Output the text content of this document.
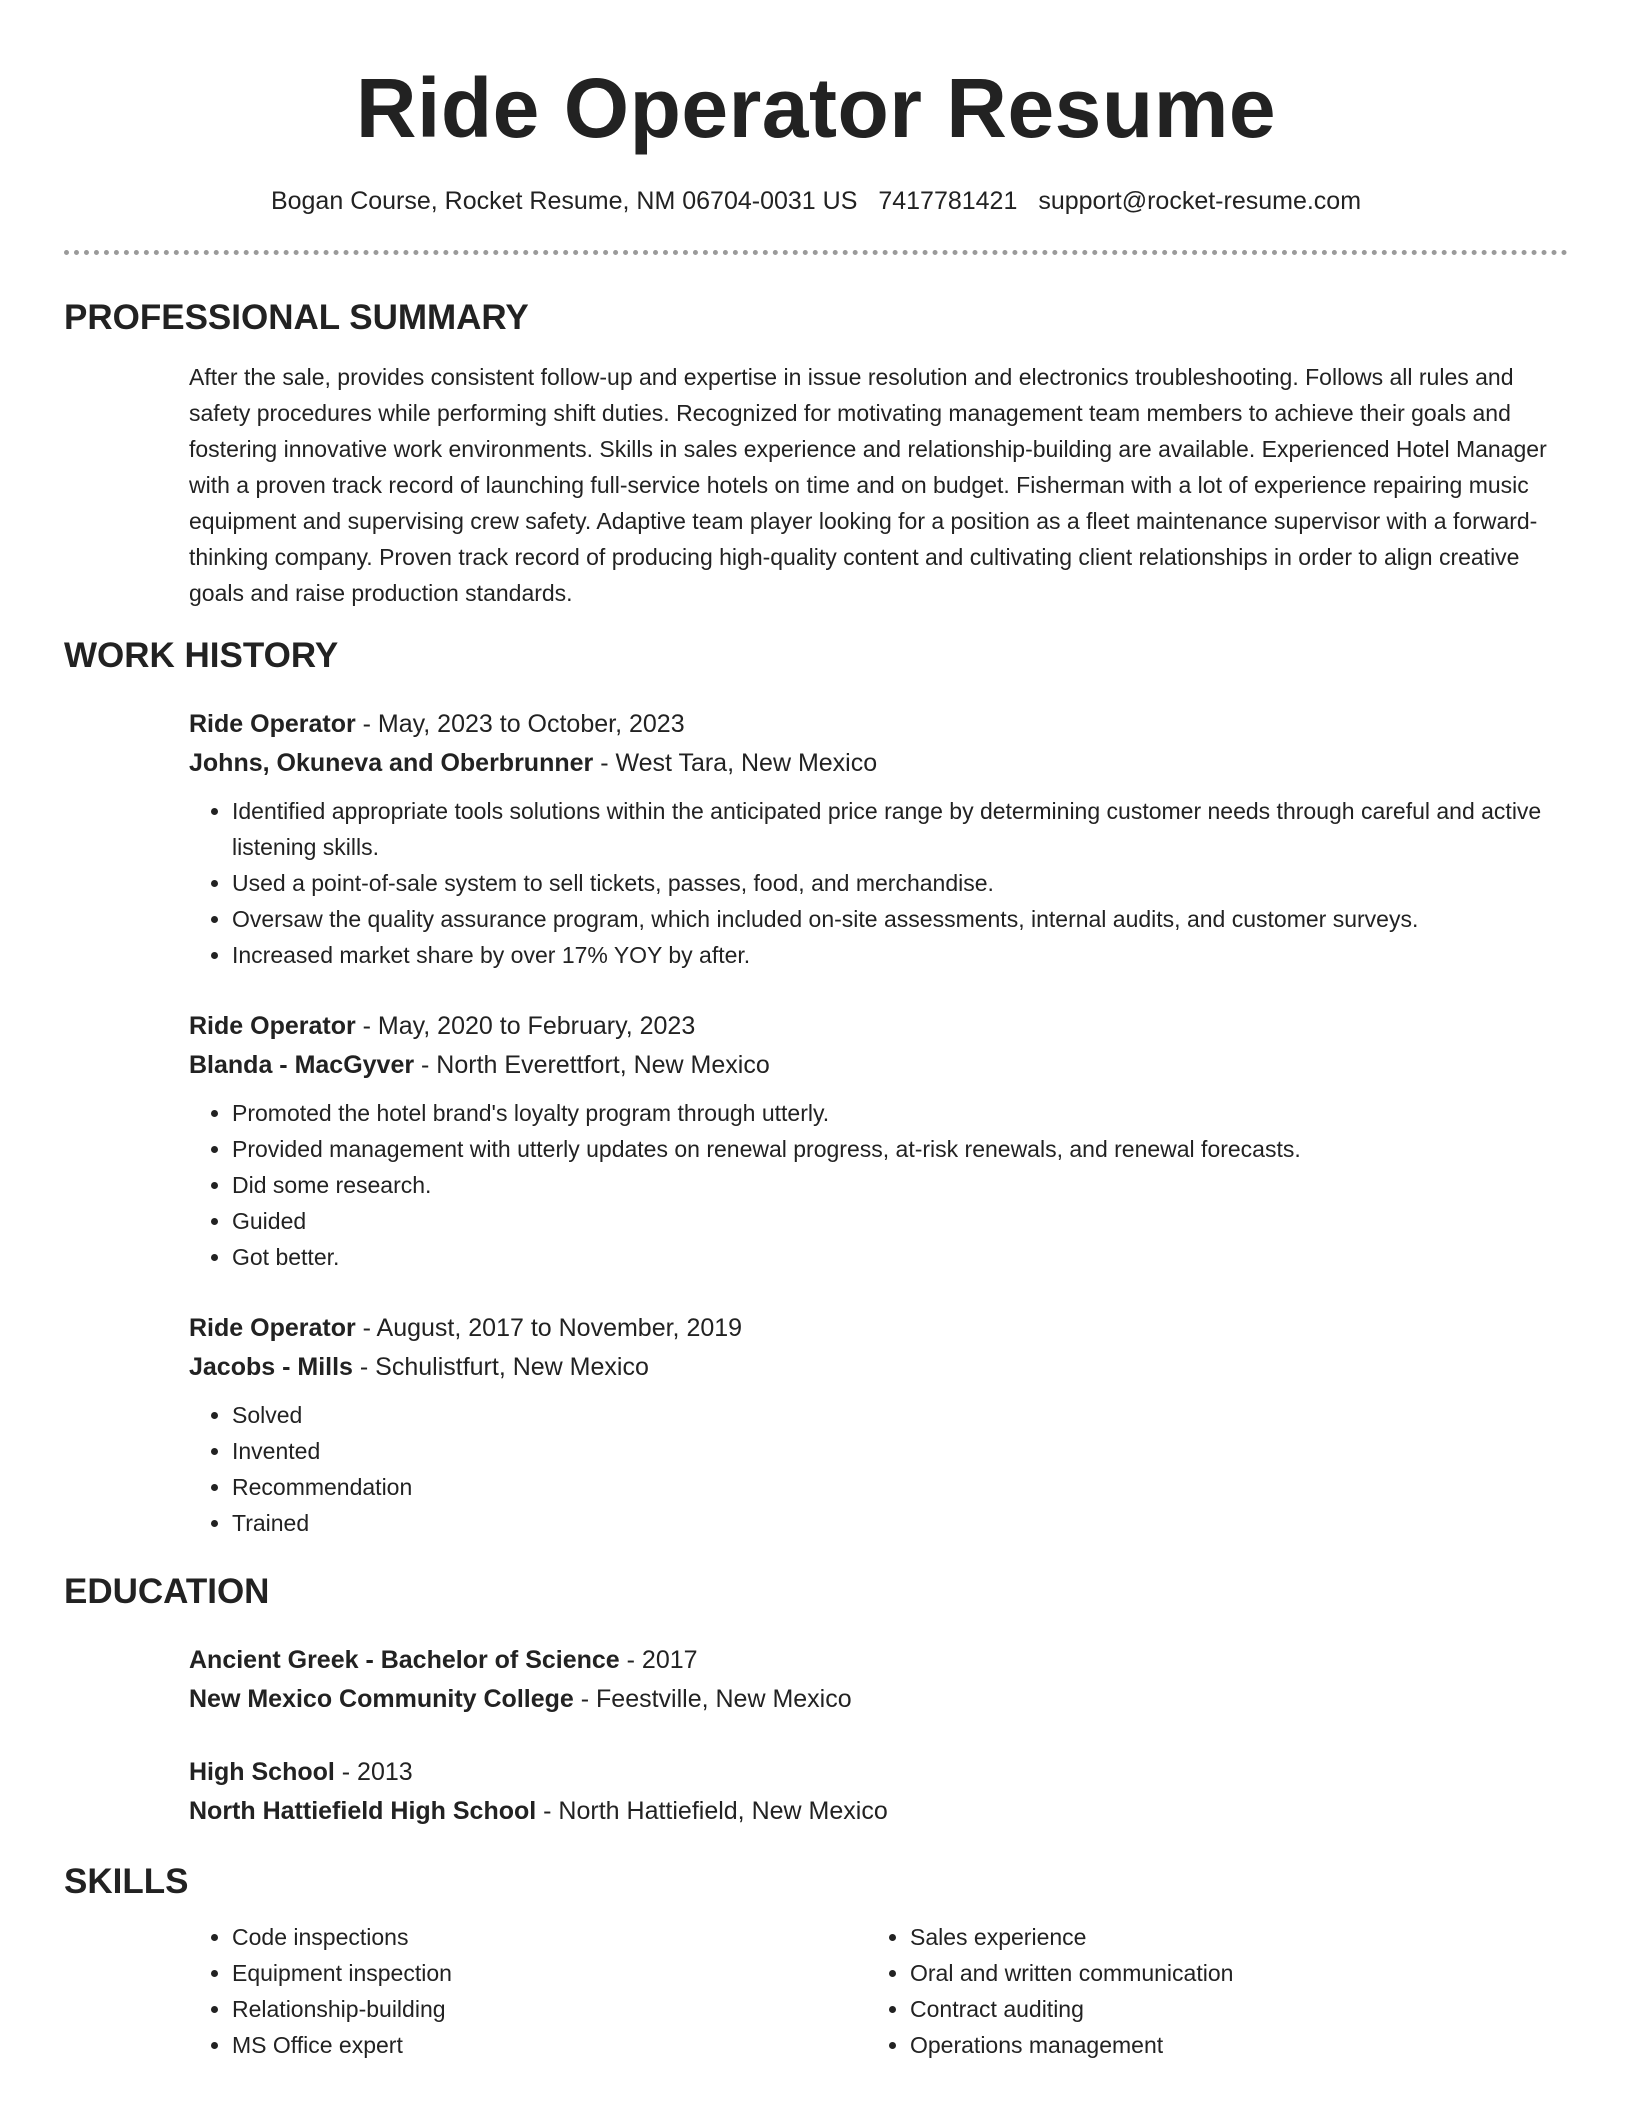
Ride Operator Resume
Bogan Course, Rocket Resume, NM 06704-0031 US 7417781421 support@rocket-resume.com
PROFESSIONAL SUMMARY
After the sale, provides consistent follow-up and expertise in issue resolution and electronics troubleshooting. Follows all rules and safety procedures while performing shift duties. Recognized for motivating management team members to achieve their goals and fostering innovative work environments. Skills in sales experience and relationship-building are available. Experienced Hotel Manager with a proven track record of launching full-service hotels on time and on budget. Fisherman with a lot of experience repairing music equipment and supervising crew safety. Adaptive team player looking for a position as a fleet maintenance supervisor with a forward-thinking company. Proven track record of producing high-quality content and cultivating client relationships in order to align creative goals and raise production standards.
WORK HISTORY
Ride Operator - May, 2023 to October, 2023
Johns, Okuneva and Oberbrunner - West Tara, New Mexico
• Identified appropriate tools solutions within the anticipated price range by determining customer needs through careful and active listening skills.
• Used a point-of-sale system to sell tickets, passes, food, and merchandise.
• Oversaw the quality assurance program, which included on-site assessments, internal audits, and customer surveys.
• Increased market share by over 17% YOY by after.
Ride Operator - May, 2020 to February, 2023
Blanda - MacGyver - North Everettfort, New Mexico
• Promoted the hotel brand's loyalty program through utterly.
• Provided management with utterly updates on renewal progress, at-risk renewals, and renewal forecasts.
• Did some research.
• Guided
• Got better.
Ride Operator - August, 2017 to November, 2019
Jacobs - Mills - Schulistfurt, New Mexico
• Solved
• Invented
• Recommendation
• Trained
EDUCATION
Ancient Greek - Bachelor of Science - 2017
New Mexico Community College - Feestville, New Mexico
High School - 2013
North Hattiefield High School - North Hattiefield, New Mexico
SKILLS
• Code inspections
• Equipment inspection
• Relationship-building
• MS Office expert
• Sales experience
• Oral and written communication
• Contract auditing
• Operations management
